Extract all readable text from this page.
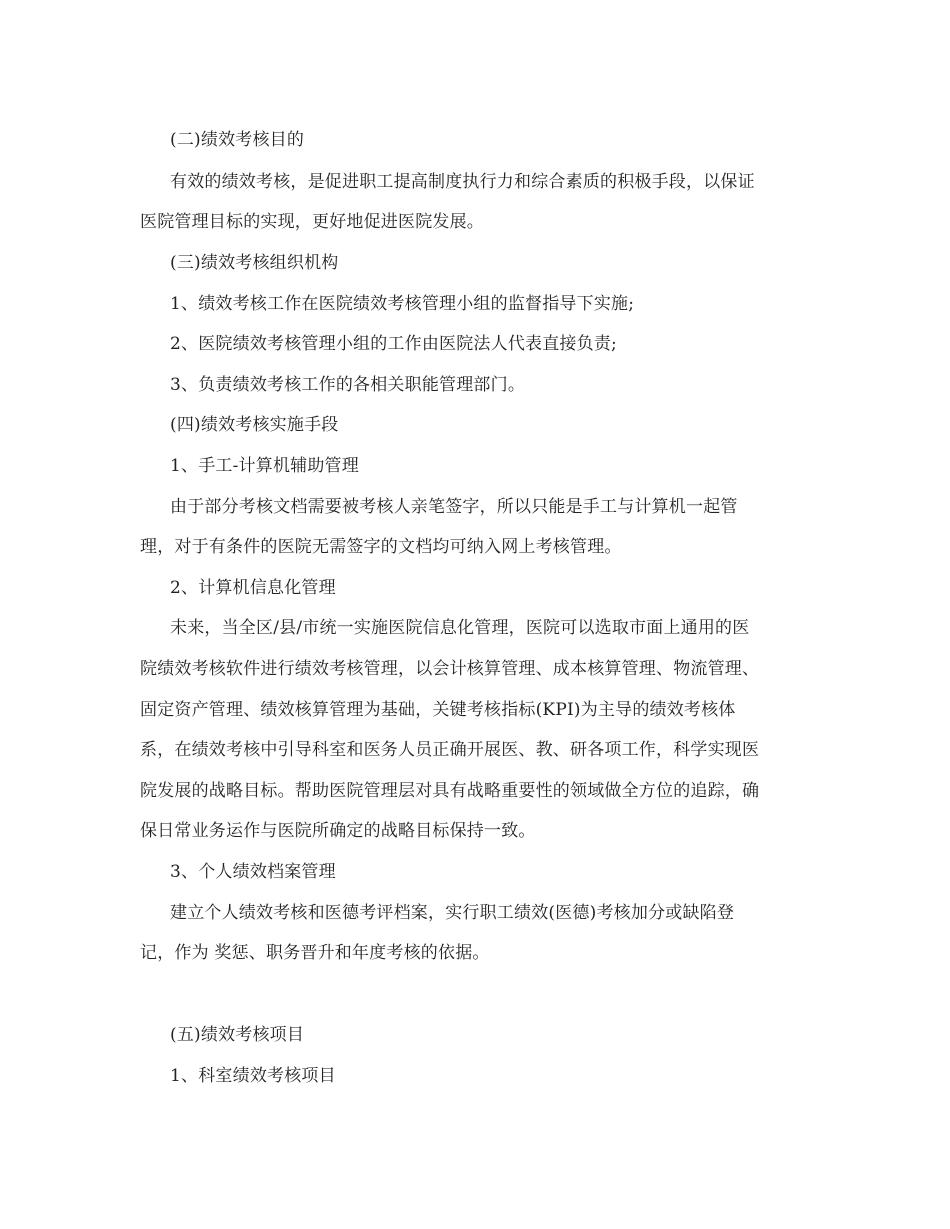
(二)绩效考核目的
有效的绩效考核，是促进职工提高制度执行力和综合素质的积极手段，以保证
医院管理目标的实现，更好地促进医院发展。
(三)绩效考核组织机构
1、绩效考核工作在医院绩效考核管理小组的监督指导下实施;
2、医院绩效考核管理小组的工作由医院法人代表直接负责;
3、负责绩效考核工作的各相关职能管理部门。
(四)绩效考核实施手段
1、手工-计算机辅助管理
由于部分考核文档需要被考核人亲笔签字，所以只能是手工与计算机一起管
理，对于有条件的医院无需签字的文档均可纳入网上考核管理。
2、计算机信息化管理
未来，当全区/县/市统一实施医院信息化管理，医院可以选取市面上通用的医
院绩效考核软件进行绩效考核管理，以会计核算管理、成本核算管理、物流管理、
固定资产管理、绩效核算管理为基础，关键考核指标(KPI)为主导的绩效考核体
系，在绩效考核中引导科室和医务人员正确开展医、教、研各项工作，科学实现医
院发展的战略目标。帮助医院管理层对具有战略重要性的领域做全方位的追踪，确
保日常业务运作与医院所确定的战略目标保持一致。
3、个人绩效档案管理
建立个人绩效考核和医德考评档案，实行职工绩效(医德)考核加分或缺陷登
记，作为 奖惩、职务晋升和年度考核的依据。
(五)绩效考核项目
1、科室绩效考核项目
